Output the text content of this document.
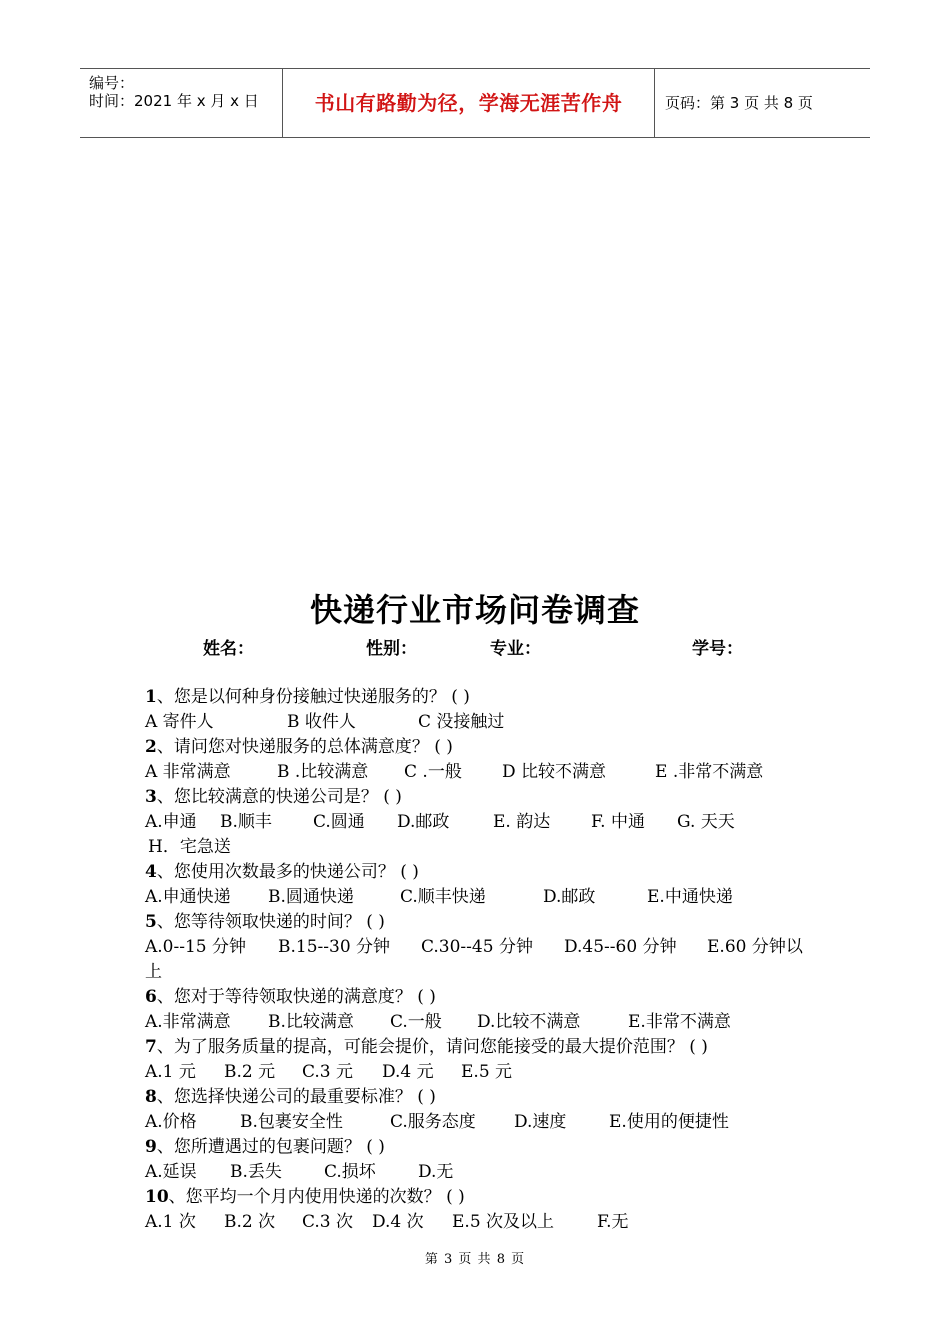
编号：
时间：2021 年 x 月 x 日	书山有路勤为径，学海无涯苦作舟	页码：第 3 页 共 8 页
快递行业市场问卷调查
姓名：	性别：	专业：	学号：
1、您是以何种身份接触过快递服务的？ ( )
A 寄件人	B 收件人	C 没接触过
2、请问您对快递服务的总体满意度？ ( )
A 非常满意	B .比较满意 C .一般 D 比较不满意	E .非常不满意
3、您比较满意的快递公司是？ ( )
A.申通 B.顺丰 C.圆通 D.邮政	E. 韵达 F. 中通 G. 天天
H．宅急送
4、您使用次数最多的快递公司？ ( )
A.申通快递 B.圆通快递	C.顺丰快递	D.邮政	E.中通快递
5、您等待领取快递的时间？ ( )
A.0--15 分钟 B.15--30 分钟 C.30--45 分钟 D.45--60 分钟 E.60 分钟以
上
6、您对于等待领取快递的满意度？ ( )
A.非常满意 B.比较满意 C.一般 D.比较不满意	E.非常不满意
7、为了服务质量的提高，可能会提价，请问您能接受的最大提价范围？ ( )
A.1 元 B.2 元 C.3 元 D.4 元 E.5 元
8、您选择快递公司的最重要标准？ ( )
A.价格	B.包裹安全性	C.服务态度 D.速度	E.使用的便捷性
9、您所遭遇过的包裹问题？ ( )
A.延误 B.丢失 C.损坏 D.无
10、您平均一个月内使用快递的次数？ ( )
A.1 次 B.2 次 C.3 次 D.4 次 E.5 次及以上	F.无
第 3 页 共 8 页
